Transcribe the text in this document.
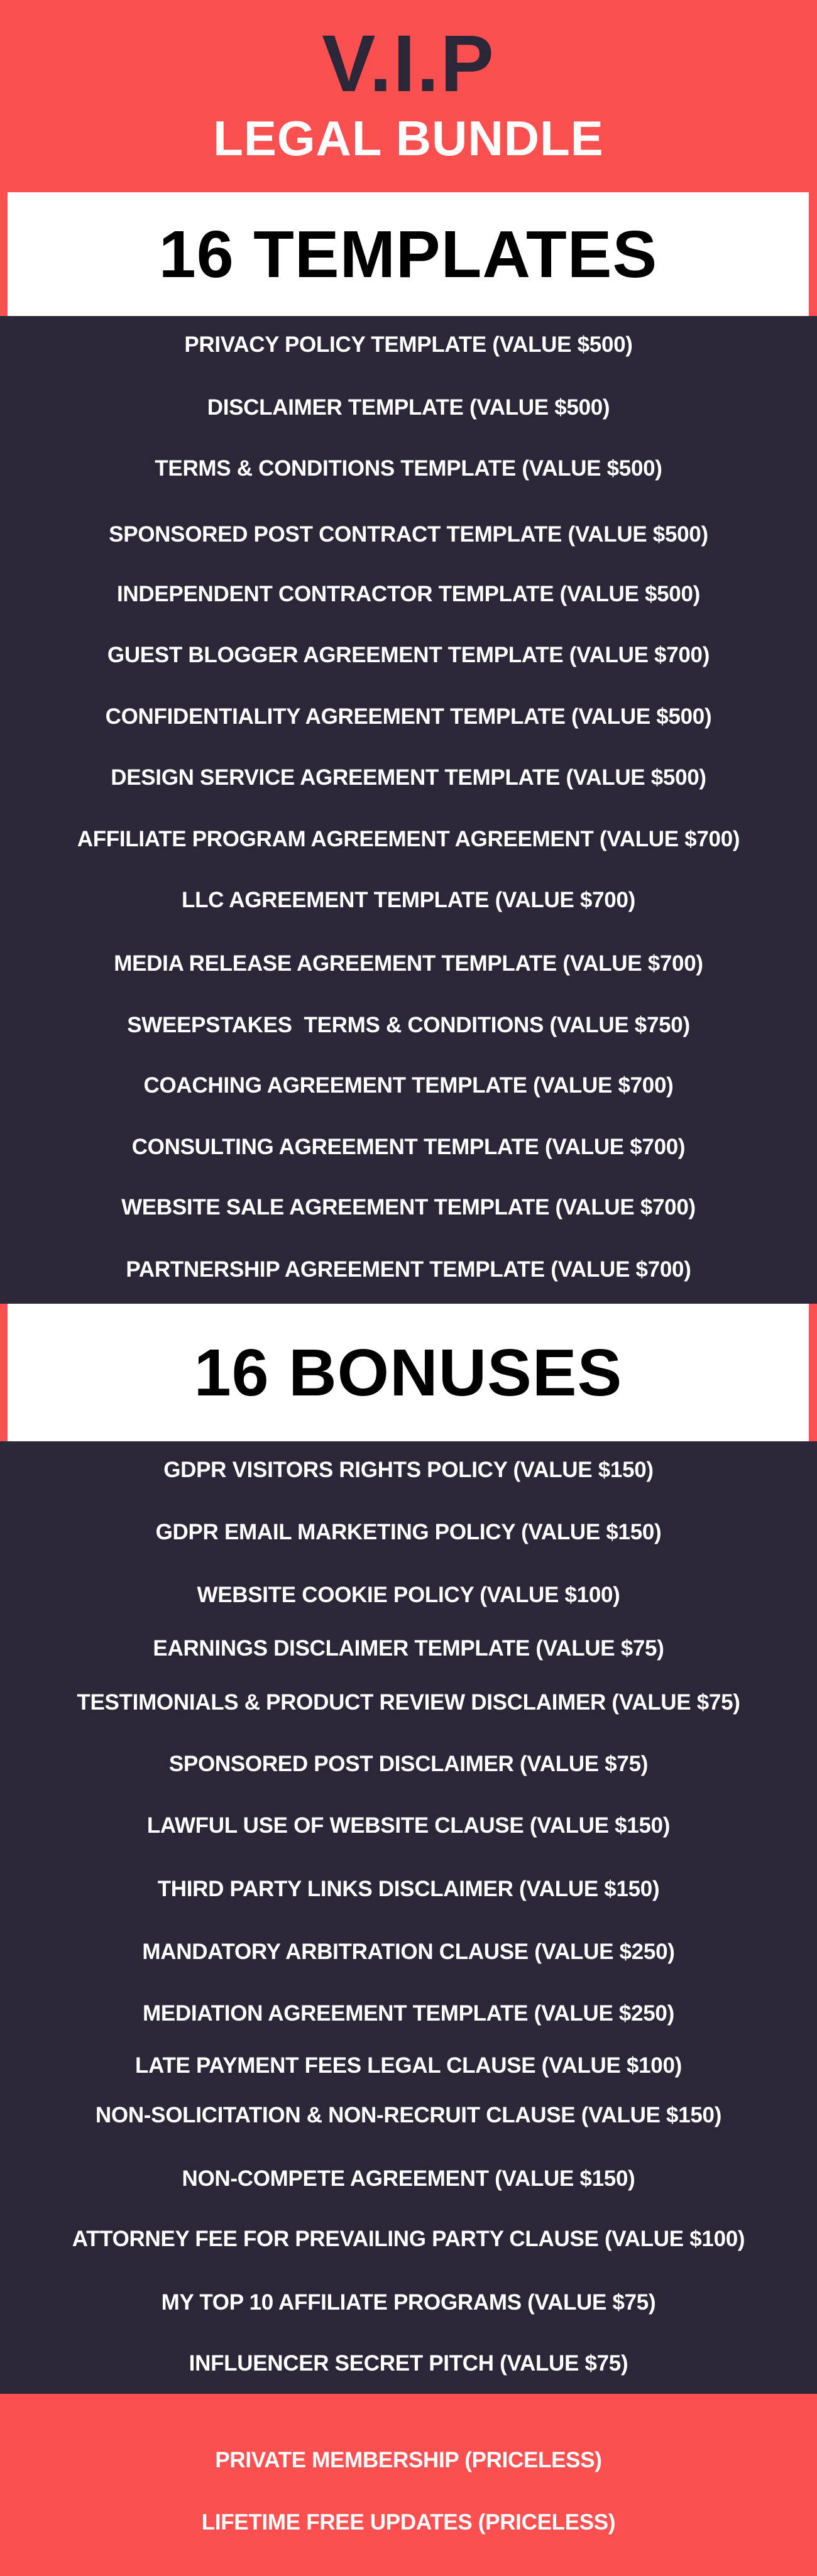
V.I.P
LEGAL BUNDLE
16 TEMPLATES
PRIVACY POLICY TEMPLATE (VALUE $500)
DISCLAIMER TEMPLATE (VALUE $500)
TERMS & CONDITIONS TEMPLATE (VALUE $500)
SPONSORED POST CONTRACT TEMPLATE (VALUE $500)
INDEPENDENT CONTRACTOR TEMPLATE (VALUE $500)
GUEST BLOGGER AGREEMENT TEMPLATE (VALUE $700)
CONFIDENTIALITY AGREEMENT TEMPLATE (VALUE $500)
DESIGN SERVICE AGREEMENT TEMPLATE (VALUE $500)
AFFILIATE PROGRAM AGREEMENT AGREEMENT (VALUE $700)
LLC AGREEMENT TEMPLATE (VALUE $700)
MEDIA RELEASE AGREEMENT TEMPLATE (VALUE $700)
SWEEPSTAKES  TERMS & CONDITIONS (VALUE $750)
COACHING AGREEMENT TEMPLATE (VALUE $700)
CONSULTING AGREEMENT TEMPLATE (VALUE $700)
WEBSITE SALE AGREEMENT TEMPLATE (VALUE $700)
PARTNERSHIP AGREEMENT TEMPLATE (VALUE $700)
16 BONUSES
GDPR VISITORS RIGHTS POLICY (VALUE $150)
GDPR EMAIL MARKETING POLICY (VALUE $150)
WEBSITE COOKIE POLICY (VALUE $100)
EARNINGS DISCLAIMER TEMPLATE (VALUE $75)
TESTIMONIALS & PRODUCT REVIEW DISCLAIMER (VALUE $75)
SPONSORED POST DISCLAIMER (VALUE $75)
LAWFUL USE OF WEBSITE CLAUSE (VALUE $150)
THIRD PARTY LINKS DISCLAIMER (VALUE $150)
MANDATORY ARBITRATION CLAUSE (VALUE $250)
MEDIATION AGREEMENT TEMPLATE (VALUE $250)
LATE PAYMENT FEES LEGAL CLAUSE (VALUE $100)
NON-SOLICITATION & NON-RECRUIT CLAUSE (VALUE $150)
NON-COMPETE AGREEMENT (VALUE $150)
ATTORNEY FEE FOR PREVAILING PARTY CLAUSE (VALUE $100)
MY TOP 10 AFFILIATE PROGRAMS (VALUE $75)
INFLUENCER SECRET PITCH (VALUE $75)
PRIVATE MEMBERSHIP (PRICELESS)
LIFETIME FREE UPDATES (PRICELESS)
